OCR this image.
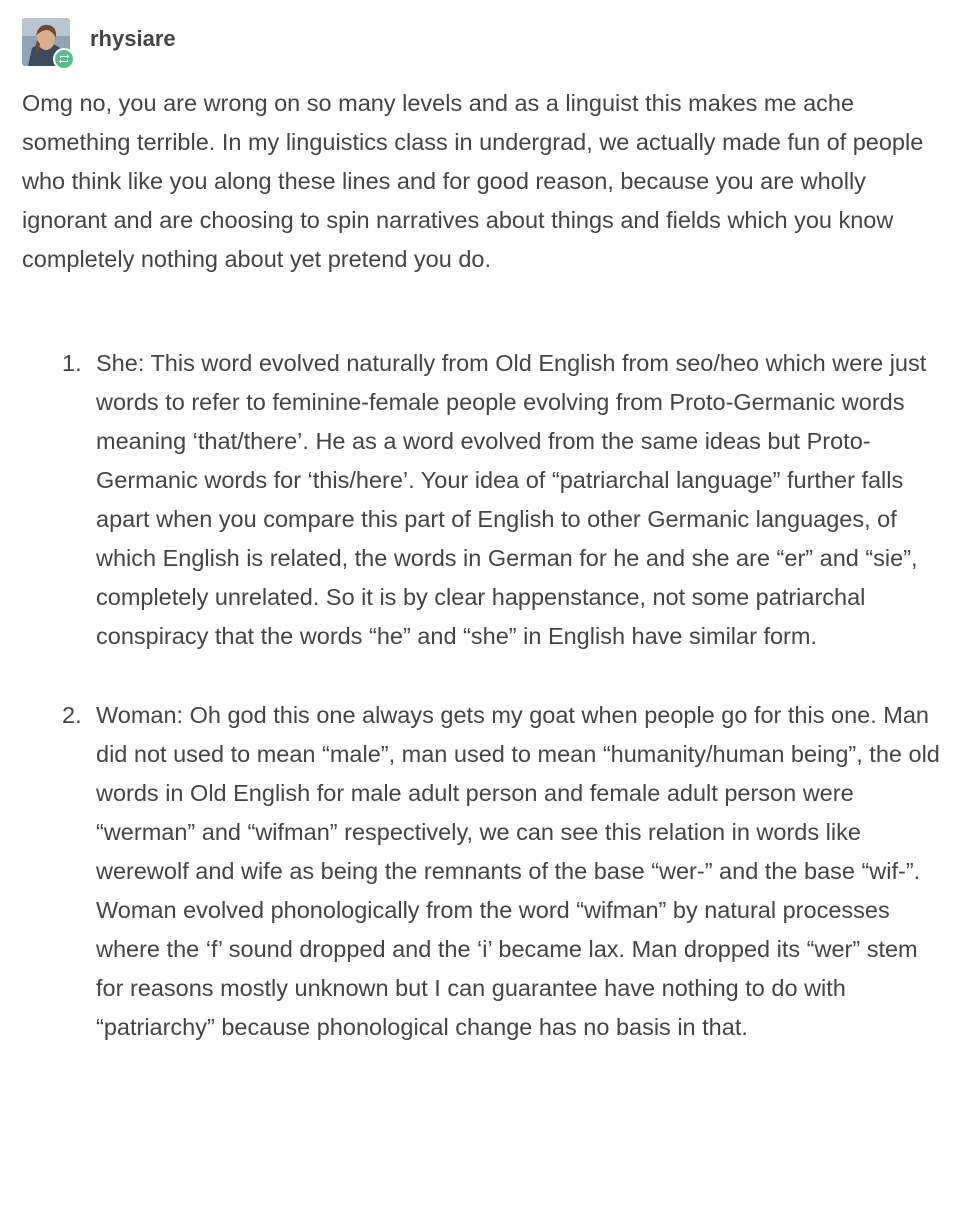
rhysiare

Omg no, you are wrong on so many levels and as a linguist this makes me ache something terrible. In my linguistics class in undergrad, we actually made fun of people who think like you along these lines and for good reason, because you are wholly ignorant and are choosing to spin narratives about things and fields which you know completely nothing about yet pretend you do.

1. She: This word evolved naturally from Old English from seo/heo which were just words to refer to feminine-female people evolving from Proto-Germanic words meaning ‘that/there’. He as a word evolved from the same ideas but Proto-Germanic words for ‘this/here’. Your idea of “patriarchal language” further falls apart when you compare this part of English to other Germanic languages, of which English is related, the words in German for he and she are “er” and “sie”, completely unrelated. So it is by clear happenstance, not some patriarchal conspiracy that the words “he” and “she” in English have similar form.
2. Woman: Oh god this one always gets my goat when people go for this one. Man did not used to mean “male”, man used to mean “humanity/human being”, the old words in Old English for male adult person and female adult person were “werman” and “wifman” respectively, we can see this relation in words like werewolf and wife as being the remnants of the base “wer-” and the base “wif-”. Woman evolved phonologically from the word “wifman” by natural processes where the ‘f’ sound dropped and the ‘i’ became lax. Man dropped its “wer” stem for reasons mostly unknown but I can guarantee have nothing to do with “patriarchy” because phonological change has no basis in that.
